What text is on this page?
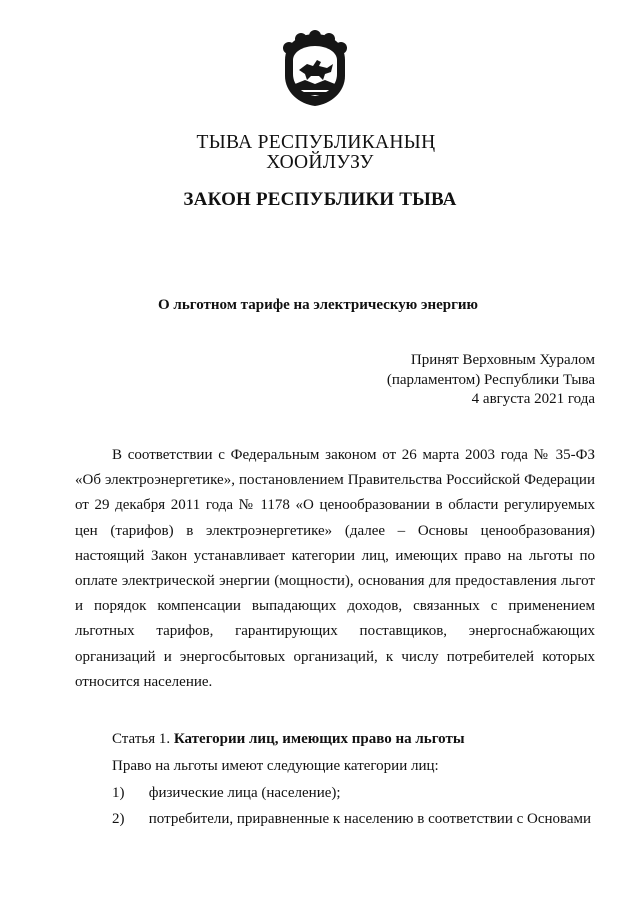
ТЫВА РЕСПУБЛИКАНЫҢ
ХООЙЛУЗУ
ЗАКОН РЕСПУБЛИКИ ТЫВА
О льготном тарифе на электрическую энергию
Принят Верховным Хуралом
(парламентом) Республики Тыва
4 августа 2021 года

В соответствии с Федеральным законом от 26 марта 2003 года № 35-ФЗ «Об электроэнергетике», постановлением Правительства Российской Федерации от 29 декабря 2011 года № 1178 «О ценообразовании в области регулируемых цен (тарифов) в электроэнергетике» (далее – Основы ценообразования) настоящий Закон устанавливает категории лиц, имеющих право на льготы по оплате электрической энергии (мощности), основания для предоставления льгот и порядок компенсации выпадающих доходов, связанных с применением льготных тарифов, гарантирующих поставщиков, энергоснабжающих организаций и энергосбытовых организаций, к числу потребителей которых относится население.

Статья 1. Категории лиц, имеющих право на льготы
Право на льготы имеют следующие категории лиц:
1) физические лица (население);
2) потребители, приравненные к населению в соответствии с Основами
